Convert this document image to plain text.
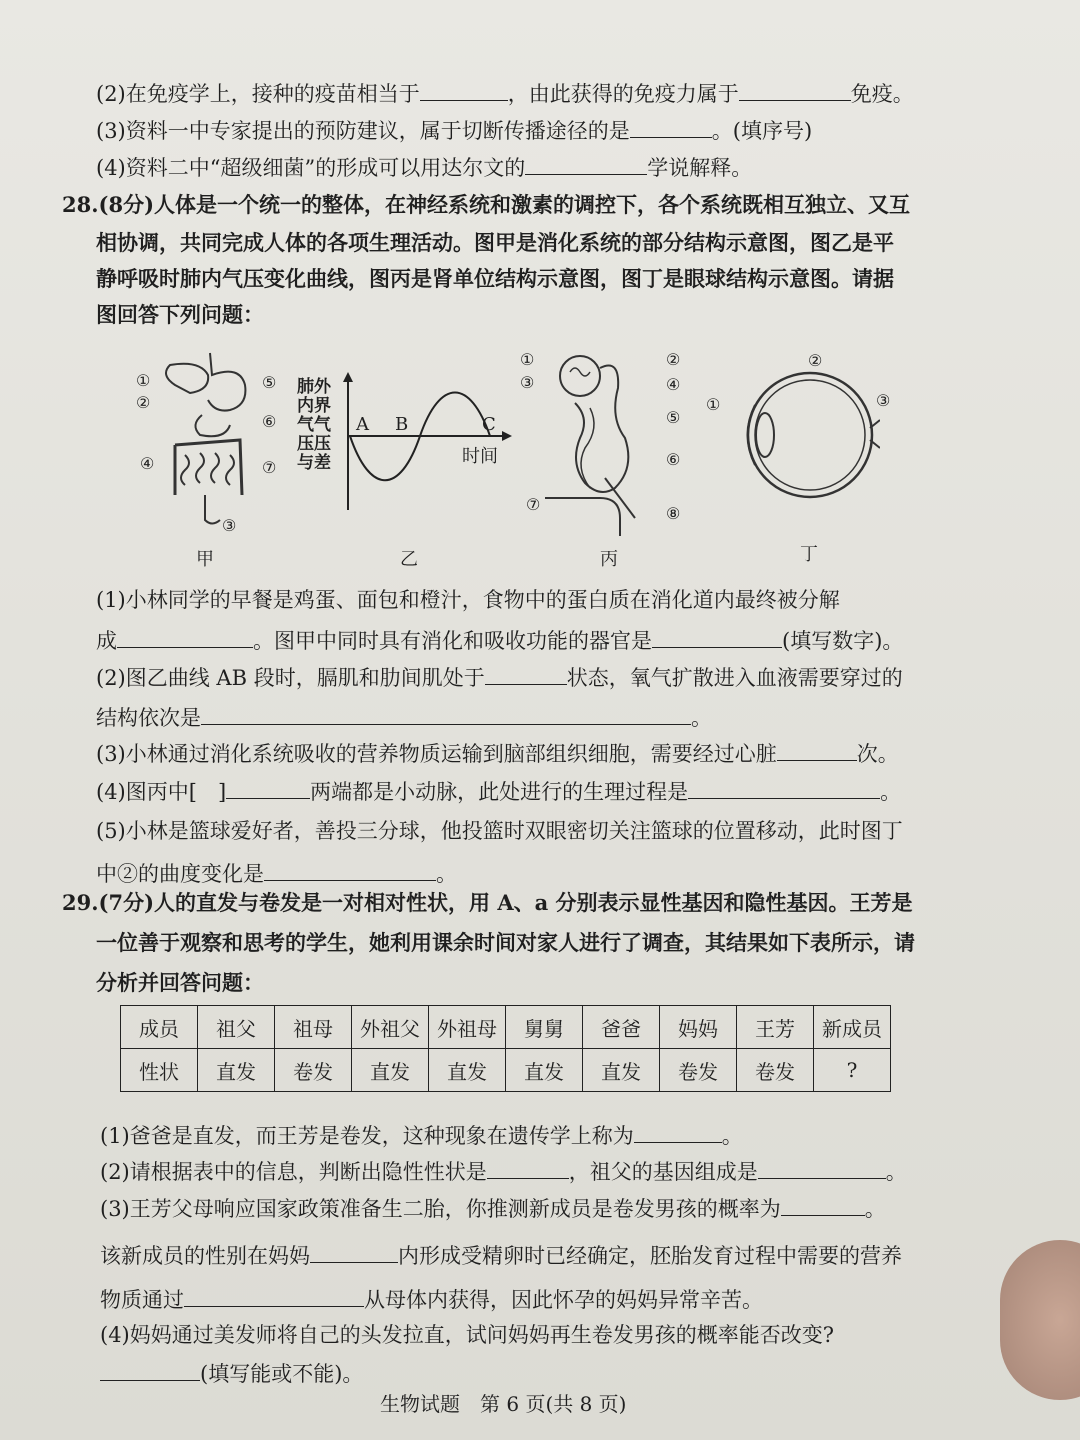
(2)在免疫学上，接种的疫苗相当于	，由此获得的免疫力属于	免疫。
(3)资料一中专家提出的预防建议，属于切断传播途径的是	。(填序号)
(4)资料二中“超级细菌”的形成可以用达尔文的	学说解释。
28.(8分)人体是一个统一的整体，在神经系统和激素的调控下，各个系统既相互独立、又互
相协调，共同完成人体的各项生理活动。图甲是消化系统的部分结构示意图，图乙是平
静呼吸时肺内气压变化曲线，图丙是肾单位结构示意图，图丁是眼球结构示意图。请据
图回答下列问题：
①
②
⑤
⑥
④	⑦
③
甲
肺外
内界
气气
压压
与差
A B	C
时间
乙
①
③
②
④
⑤
⑥
⑦	⑧
丙
①
②
③
丁
(1)小林同学的早餐是鸡蛋、面包和橙汁，食物中的蛋白质在消化道内最终被分解
成	。图甲中同时具有消化和吸收功能的器官是	(填写数字)。
(2)图乙曲线 AB 段时，膈肌和肋间肌处于	状态，氧气扩散进入血液需要穿过的
结构依次是	。
(3)小林通过消化系统吸收的营养物质运输到脑部组织细胞，需要经过心脏	次。
(4)图丙中[　]	两端都是小动脉，此处进行的生理过程是	。
(5)小林是篮球爱好者，善投三分球，他投篮时双眼密切关注篮球的位置移动，此时图丁
中②的曲度变化是	。
29.(7分)人的直发与卷发是一对相对性状，用 A、a 分别表示显性基因和隐性基因。王芳是
一位善于观察和思考的学生，她利用课余时间对家人进行了调查，其结果如下表所示，请
分析并回答问题：
成员	祖父	祖母	外祖父	外祖母	舅舅	爸爸	妈妈	王芳	新成员
性状	直发	卷发	直发	直发	直发	直发	卷发	卷发	?
(1)爸爸是直发，而王芳是卷发，这种现象在遗传学上称为	。
(2)请根据表中的信息，判断出隐性性状是	，祖父的基因组成是	。
(3)王芳父母响应国家政策准备生二胎，你推测新成员是卷发男孩的概率为	。
该新成员的性别在妈妈	内形成受精卵时已经确定，胚胎发育过程中需要的营养
物质通过	从母体内获得，因此怀孕的妈妈异常辛苦。
(4)妈妈通过美发师将自己的头发拉直，试问妈妈再生卷发男孩的概率能否改变?
(填写能或不能)。
生物试题　第 6 页(共 8 页)
